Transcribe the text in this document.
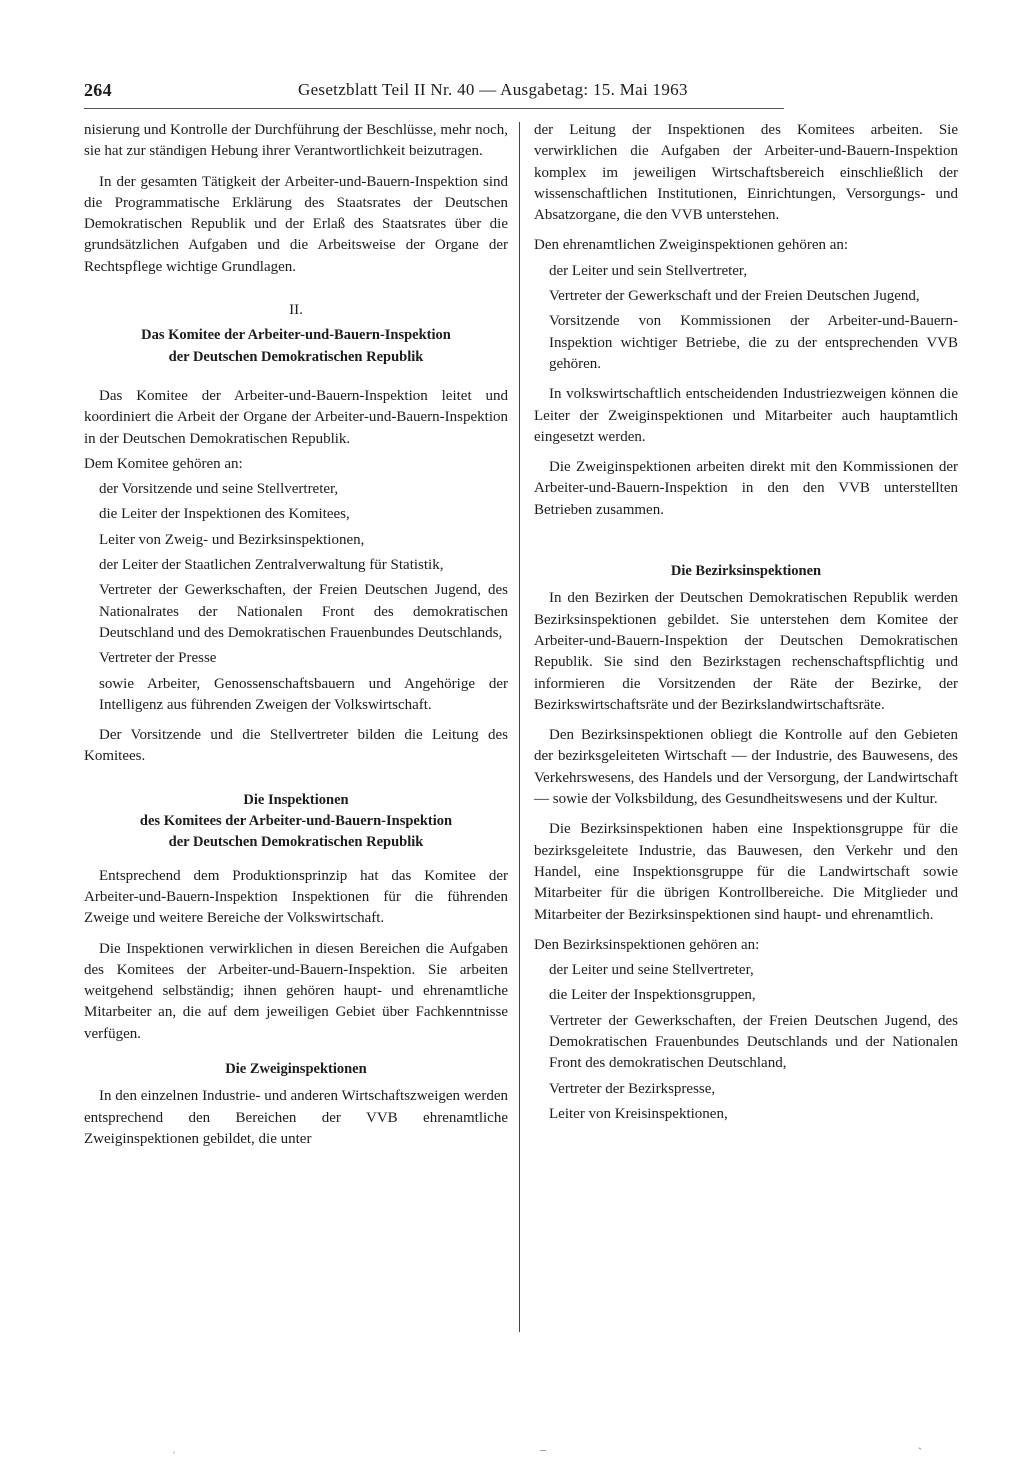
264	Gesetzblatt Teil II Nr. 40 — Ausgabetag: 15. Mai 1963

nisierung und Kontrolle der Durchführung der Beschlüsse, mehr noch, sie hat zur ständigen Hebung ihrer Verantwortlichkeit beizutragen.

In der gesamten Tätigkeit der Arbeiter-und-Bauern-Inspektion sind die Programmatische Erklärung des Staatsrates der Deutschen Demokratischen Republik und der Erlaß des Staatsrates über die grundsätzlichen Aufgaben und die Arbeitsweise der Organe der Rechtspflege wichtige Grundlagen.

II.
Das Komitee der Arbeiter-und-Bauern-Inspektion
der Deutschen Demokratischen Republik

Das Komitee der Arbeiter-und-Bauern-Inspektion leitet und koordiniert die Arbeit der Organe der Arbeiter-und-Bauern-Inspektion in der Deutschen Demokratischen Republik.

Dem Komitee gehören an:

der Vorsitzende und seine Stellvertreter,
die Leiter der Inspektionen des Komitees,
Leiter von Zweig- und Bezirksinspektionen,
der Leiter der Staatlichen Zentralverwaltung für Statistik,
Vertreter der Gewerkschaften, der Freien Deutschen Jugend, des Nationalrates der Nationalen Front des demokratischen Deutschland und des Demokratischen Frauenbundes Deutschlands,
Vertreter der Presse
sowie Arbeiter, Genossenschaftsbauern und Angehörige der Intelligenz aus führenden Zweigen der Volkswirtschaft.

Der Vorsitzende und die Stellvertreter bilden die Leitung des Komitees.

Die Inspektionen
des Komitees der Arbeiter-und-Bauern-Inspektion
der Deutschen Demokratischen Republik

Entsprechend dem Produktionsprinzip hat das Komitee der Arbeiter-und-Bauern-Inspektion Inspektionen für die führenden Zweige und weitere Bereiche der Volkswirtschaft.

Die Inspektionen verwirklichen in diesen Bereichen die Aufgaben des Komitees der Arbeiter-und-Bauern-Inspektion. Sie arbeiten weitgehend selbständig; ihnen gehören haupt- und ehrenamtliche Mitarbeiter an, die auf dem jeweiligen Gebiet über Fachkenntnisse verfügen.

Die Zweiginspektionen

In den einzelnen Industrie- und anderen Wirtschaftszweigen werden entsprechend den Bereichen der VVB ehrenamtliche Zweiginspektionen gebildet, die unter

der Leitung der Inspektionen des Komitees arbeiten. Sie verwirklichen die Aufgaben der Arbeiter-und-Bauern-Inspektion komplex im jeweiligen Wirtschaftsbereich einschließlich der wissenschaftlichen Institutionen, Einrichtungen, Versorgungs- und Absatzorgane, die den VVB unterstehen.

Den ehrenamtlichen Zweiginspektionen gehören an:

der Leiter und sein Stellvertreter,
Vertreter der Gewerkschaft und der Freien Deutschen Jugend,
Vorsitzende von Kommissionen der Arbeiter-und-Bauern-Inspektion wichtiger Betriebe, die zu der entsprechenden VVB gehören.

In volkswirtschaftlich entscheidenden Industriezweigen können die Leiter der Zweiginspektionen und Mitarbeiter auch hauptamtlich eingesetzt werden.

Die Zweiginspektionen arbeiten direkt mit den Kommissionen der Arbeiter-und-Bauern-Inspektion in den den VVB unterstellten Betrieben zusammen.

Die Bezirksinspektionen

In den Bezirken der Deutschen Demokratischen Republik werden Bezirksinspektionen gebildet. Sie unterstehen dem Komitee der Arbeiter-und-Bauern-Inspektion der Deutschen Demokratischen Republik. Sie sind den Bezirkstagen rechenschaftspflichtig und informieren die Vorsitzenden der Räte der Bezirke, der Bezirkswirtschaftsräte und der Bezirkslandwirtschaftsräte.

Den Bezirksinspektionen obliegt die Kontrolle auf den Gebieten der bezirksgeleiteten Wirtschaft — der Industrie, des Bauwesens, des Verkehrswesens, des Handels und der Versorgung, der Landwirtschaft — sowie der Volksbildung, des Gesundheitswesens und der Kultur.

Die Bezirksinspektionen haben eine Inspektionsgruppe für die bezirksgeleitete Industrie, das Bauwesen, den Verkehr und den Handel, eine Inspektionsgruppe für die Landwirtschaft sowie Mitarbeiter für die übrigen Kontrollbereiche. Die Mitglieder und Mitarbeiter der Bezirksinspektionen sind haupt- und ehrenamtlich.

Den Bezirksinspektionen gehören an:

der Leiter und seine Stellvertreter,
die Leiter der Inspektionsgruppen,
Vertreter der Gewerkschaften, der Freien Deutschen Jugend, des Demokratischen Frauenbundes Deutschlands und der Nationalen Front des demokratischen Deutschland,
Vertreter der Bezirkspresse,
Leiter von Kreisinspektionen,
ˌ	‒	ˎ
